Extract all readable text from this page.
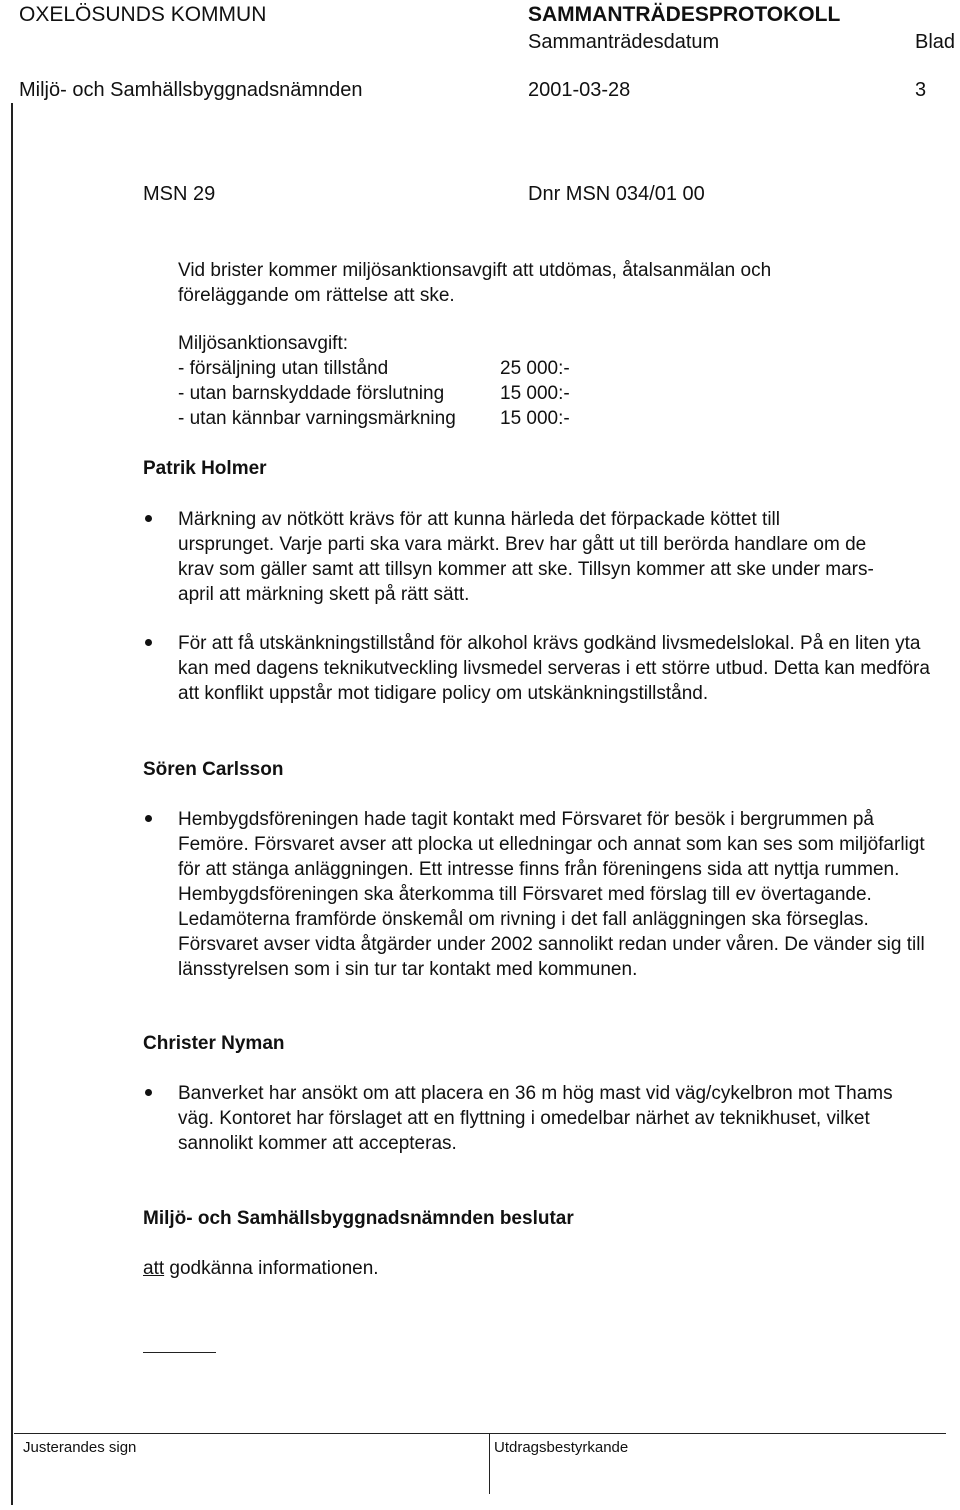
OXELÖSUNDS KOMMUN	SAMMANTRÄDESPROTOKOLL
Sammanträdesdatum	Blad
Miljö- och Samhällsbyggnadsnämnden	2001-03-28	3
MSN 29	Dnr MSN 034/01 00
Vid brister kommer miljösanktionsavgift att utdömas, åtalsanmälan och föreläggande om rättelse att ske.
Miljösanktionsavgift:
- försäljning utan tillstånd	25 000:-
- utan barnskyddade förslutning	15 000:-
- utan kännbar varningsmärkning 15 000:-
Patrik Holmer
Märkning av nötkött krävs för att kunna härleda det förpackade köttet till ursprunget. Varje parti ska vara märkt. Brev har gått ut till berörda handlare om de krav som gäller samt att tillsyn kommer att ske. Tillsyn kommer att ske under mars-april att märkning skett på rätt sätt.
För att få utskänkningstillstånd för alkohol krävs godkänd livsmedelslokal. På en liten yta kan med dagens teknikutveckling livsmedel serveras i ett större utbud. Detta kan medföra att konflikt uppstår mot tidigare policy om utskänkningstillstånd.
Sören Carlsson
Hembygdsföreningen hade tagit kontakt med Försvaret för besök i bergrummen på Femöre. Försvaret avser att plocka ut elledningar och annat som kan ses som miljöfarligt för att stänga anläggningen. Ett intresse finns från föreningens sida att nyttja rummen. Hembygdsföreningen ska återkomma till Försvaret med förslag till ev övertagande. Ledamöterna framförde önskemål om rivning i det fall anläggningen ska förseglas. Försvaret avser vidta åtgärder under 2002 sannolikt redan under våren. De vänder sig till länsstyrelsen som i sin tur tar kontakt med kommunen.
Christer Nyman
Banverket har ansökt om att placera en 36 m hög mast vid väg/cykelbron mot Thams väg. Kontoret har förslaget att en flyttning i omedelbar närhet av teknikhuset, vilket sannolikt kommer att accepteras.
Miljö- och Samhällsbyggnadsnämnden beslutar
att godkänna informationen.
Justerandes sign	Utdragsbestyrkande
